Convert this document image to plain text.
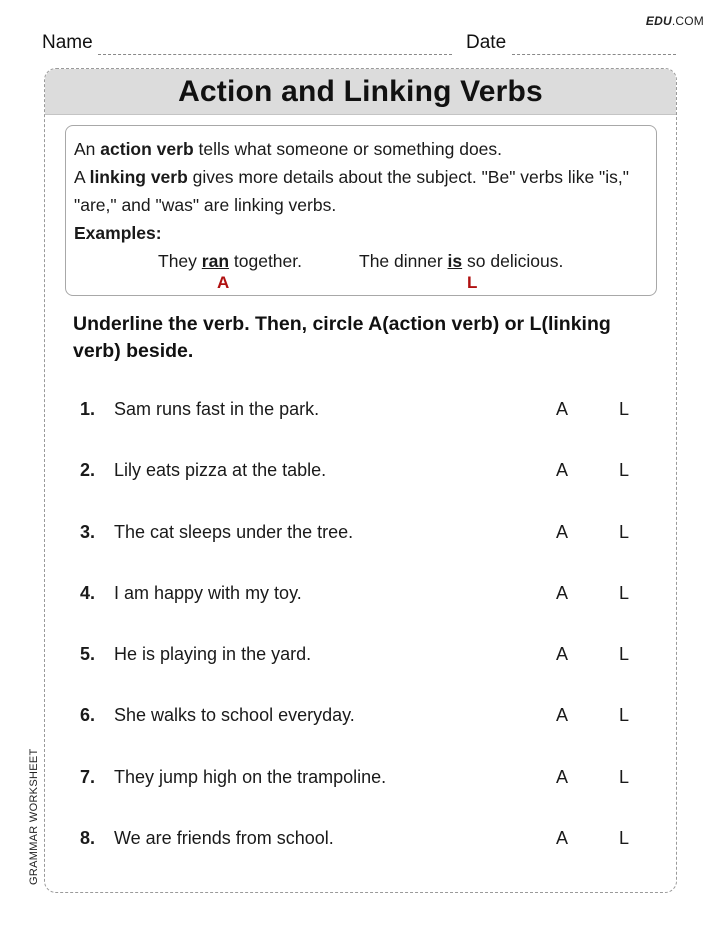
EDU.COM
Name	Date
Action and Linking Verbs

An action verb tells what someone or something does.

A linking verb gives more details about the subject. "Be" verbs like "is," "are," and "was" are linking verbs.

Examples:

They ran together.
A
The dinner is so delicious.
L

Underline the verb. Then, circle A(action verb) or L(linking verb) beside.

1. Sam runs fast in the park.	A	L
2. Lily eats pizza at the table.	A	L
3. The cat sleeps under the tree.	A	L
4. I am happy with my toy.	A	L
5. He is playing in the yard.	A	L
6. She walks to school everyday.	A	L
7. They jump high on the trampoline.	A	L
8. We are friends from school.	A	L
GRAMMAR WORKSHEET
